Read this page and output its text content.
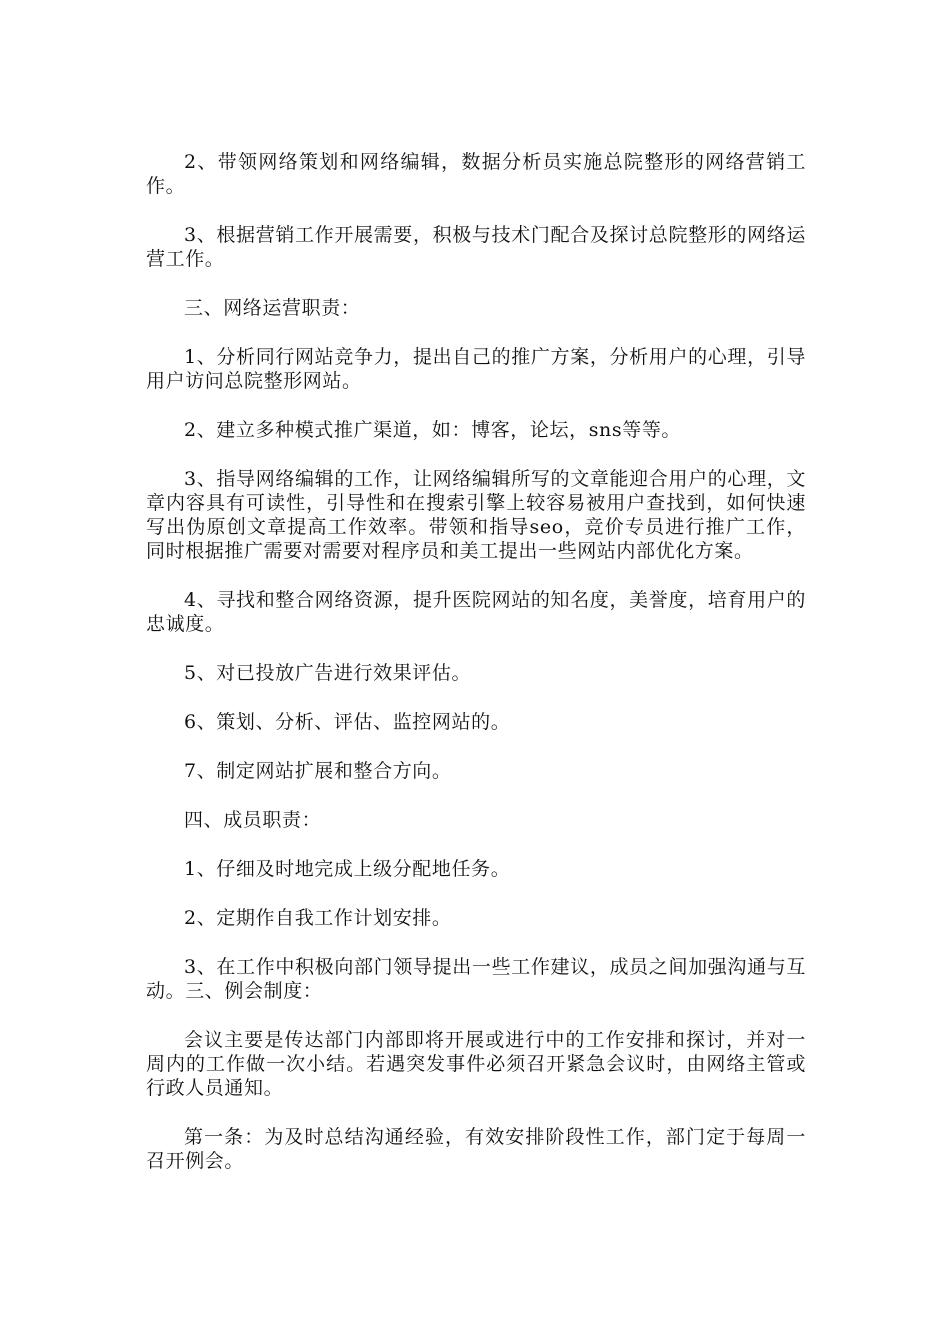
2、带领网络策划和网络编辑，数据分析员实施总院整形的网络营销工作。

3、根据营销工作开展需要，积极与技术门配合及探讨总院整形的网络运营工作。

三、网络运营职责：

1、分析同行网站竞争力，提出自己的推广方案，分析用户的心理，引导用户访问总院整形网站。

2、建立多种模式推广渠道，如：博客，论坛，sns等等。

3、指导网络编辑的工作，让网络编辑所写的文章能迎合用户的心理，文章内容具有可读性，引导性和在搜索引擎上较容易被用户查找到，如何快速写出伪原创文章提高工作效率。带领和指导seo，竞价专员进行推广工作，同时根据推广需要对需要对程序员和美工提出一些网站内部优化方案。

4、寻找和整合网络资源，提升医院网站的知名度，美誉度，培育用户的忠诚度。

5、对已投放广告进行效果评估。

6、策划、分析、评估、监控网站的。

7、制定网站扩展和整合方向。

四、成员职责：

1、仔细及时地完成上级分配地任务。

2、定期作自我工作计划安排。

3、在工作中积极向部门领导提出一些工作建议，成员之间加强沟通与互动。三、例会制度：

会议主要是传达部门内部即将开展或进行中的工作安排和探讨，并对一周内的工作做一次小结。若遇突发事件必须召开紧急会议时，由网络主管或行政人员通知。

第一条：为及时总结沟通经验，有效安排阶段性工作，部门定于每周一召开例会。
